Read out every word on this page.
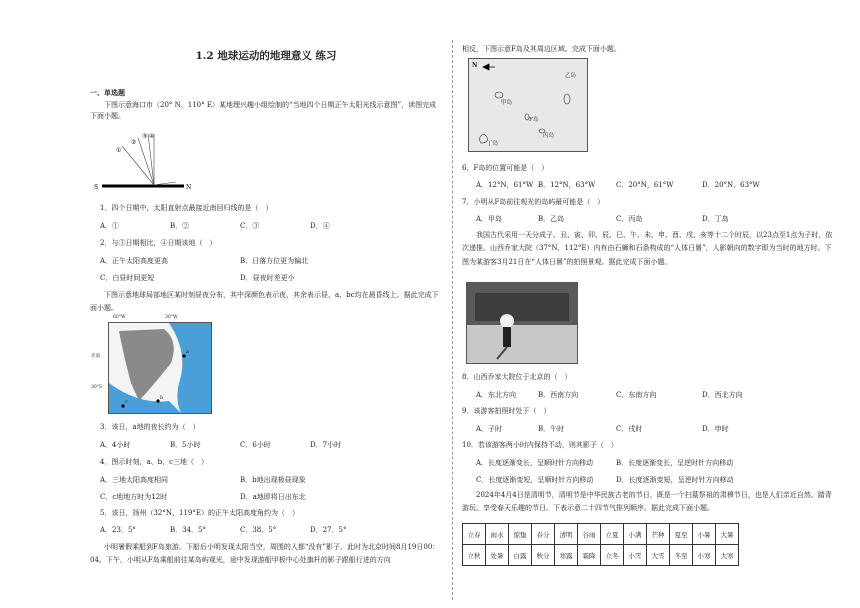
1.2 地球运动的地理意义 练习
一、单选题
下图示意海口市（20° N，110° E）某地理兴趣小组绘制的“当地四个日期正午太阳光线示意图”，读图完成下面小题。
S	N
①
②
③ ④
1．四个日期中，太阳直射点最接近南回归线的是（　）
A．①	B．②	C．③	D．④
2．与③日期相比，④日期该地（　）
A．正午太阳高度更高	B．日落方位更为偏北
C．白昼时间更短	D．昼夜时差更小
下图示意地球局部地区某时刻昼夜分布，其中深颜色表示夜，其余表示昼，a、bc均在晨昏线上。据此完成下面小题。
60°W	30°W
赤道
30°S
a
b
c
3．该日，a地的夜长约为（　）
A．4小时	B．5小时	C．6小时	D．7小时
4．图示时刻，a、b、c三地（　）
A．三地太阳高度相同	B．b地出现极昼现象
C．c地地方时为12时	D．a地即将日出东北
5．该日，扬州（32°N，119°E）的正午太阳高度角约为（　）
A．23．5°	B．34．5°	C．38．5°	D．27．5°
小明暑假乘船到F岛旅游，下船后小明发现太阳当空，周围的人都“没有”影子，此时为北京时间8月19日00：04。下午，小明从F岛乘船前往某岛屿观光，途中发现游船甲板中心处旗杆的影子跟船行进的方向
相反，下图示意F岛及其周边区域。完成下面小题。
N
甲岛
乙岛
F岛
丙岛
丁岛
6．F岛的位置可能是（　）
A．12°N，61°W B．12°N，63°W	C．20°N，61°W	D．20°N，63°W
7．小明从F岛前往观光的岛屿最可能是（　）
A．甲岛	B．乙岛	C．丙岛	D．丁岛
我国古代采用一天分成子、丑、寅、卯、辰、巳、午、未、申、酉、戌、亥等十二个时辰，以23点至1点为子时，依次递推。山西乔家大院（37°N，112°E）内有由石狮和石条构成的“人体日晷”，人影朝向的数字即为当时的地方时。下图为某游客3月21日在“人体日晷”的拍照景观。据此完成下面小题。
8．山西乔家大院位于北京的（　）
A．东北方向	B．西南方向	C．东南方向	D．西北方向
9．该游客拍照时处于（　）
A．子时	B．午时	C．戌时	D．申时
10．若该游客两小时内保持不动，则其影子（　）
A．长度逐渐变长，呈顺时针方向移动	B．长度逐渐变长，呈逆时针方向移动
C．长度逐渐变短，呈顺时针方向移动	D．长度逐渐变短，呈逆时针方向移动
2024年4月4日是清明节，清明节是中华民族古老的节日，既是一个扫墓祭祖的肃穆节日，也是人们亲近自然、踏青游玩、享受春天乐趣的节日。下表示意二十四节气排列顺序。据此完成下面小题。
立春	雨水	惊蛰	春分	清明	谷雨	立夏	小满	芒种	夏至	小暑	大暑
立秋	处暑	白露	秋分	寒露	霜降	立冬	小雪	大雪	冬至	小寒	大寒
